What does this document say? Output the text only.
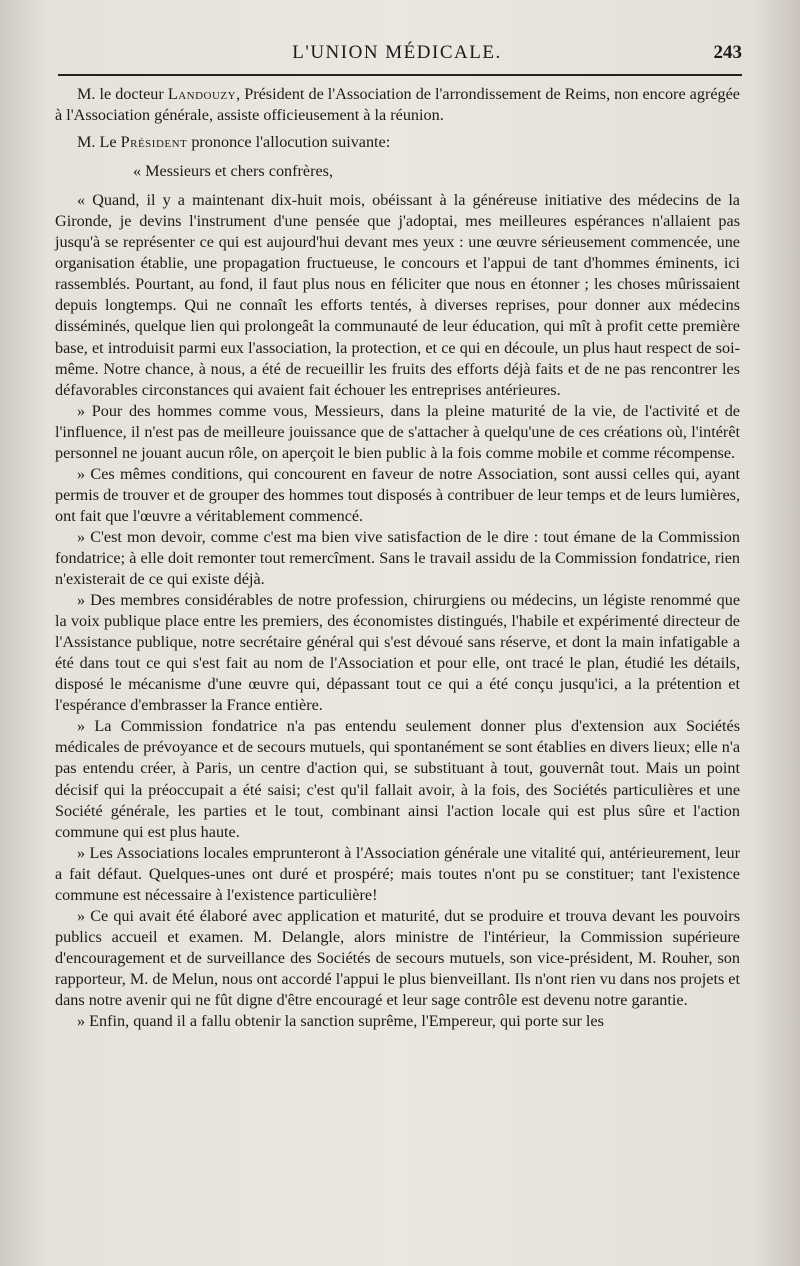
L'UNION MÉDICALE.	243

M. le docteur Landouzy, Président de l'Association de l'arrondissement de Reims, non encore agrégée à l'Association générale, assiste officieusement à la réunion.

M. Le Président prononce l'allocution suivante:

« Messieurs et chers confrères,

« Quand, il y a maintenant dix-huit mois, obéissant à la généreuse initiative des médecins de la Gironde, je devins l'instrument d'une pensée que j'adoptai, mes meilleures espérances n'allaient pas jusqu'à se représenter ce qui est aujourd'hui devant mes yeux : une œuvre sérieusement commencée, une organisation établie, une propagation fructueuse, le concours et l'appui de tant d'hommes éminents, ici rassemblés. Pourtant, au fond, il faut plus nous en féliciter que nous en étonner ; les choses mûrissaient depuis longtemps. Qui ne connaît les efforts tentés, à diverses reprises, pour donner aux médecins disséminés, quelque lien qui prolongeât la communauté de leur éducation, qui mît à profit cette première base, et introduisit parmi eux l'association, la protection, et ce qui en découle, un plus haut respect de soi-même. Notre chance, à nous, a été de recueillir les fruits des efforts déjà faits et de ne pas rencontrer les défavorables circonstances qui avaient fait échouer les entreprises antérieures.

» Pour des hommes comme vous, Messieurs, dans la pleine maturité de la vie, de l'activité et de l'influence, il n'est pas de meilleure jouissance que de s'attacher à quelqu'une de ces créations où, l'intérêt personnel ne jouant aucun rôle, on aperçoit le bien public à la fois comme mobile et comme récompense.

» Ces mêmes conditions, qui concourent en faveur de notre Association, sont aussi celles qui, ayant permis de trouver et de grouper des hommes tout disposés à contribuer de leur temps et de leurs lumières, ont fait que l'œuvre a véritablement commencé.

» C'est mon devoir, comme c'est ma bien vive satisfaction de le dire : tout émane de la Commission fondatrice; à elle doit remonter tout remercîment. Sans le travail assidu de la Commission fondatrice, rien n'existerait de ce qui existe déjà.

» Des membres considérables de notre profession, chirurgiens ou médecins, un légiste renommé que la voix publique place entre les premiers, des économistes distingués, l'habile et expérimenté directeur de l'Assistance publique, notre secrétaire général qui s'est dévoué sans réserve, et dont la main infatigable a été dans tout ce qui s'est fait au nom de l'Association et pour elle, ont tracé le plan, étudié les détails, disposé le mécanisme d'une œuvre qui, dépassant tout ce qui a été conçu jusqu'ici, a la prétention et l'espérance d'embrasser la France entière.

» La Commission fondatrice n'a pas entendu seulement donner plus d'extension aux Sociétés médicales de prévoyance et de secours mutuels, qui spontanément se sont établies en divers lieux; elle n'a pas entendu créer, à Paris, un centre d'action qui, se substituant à tout, gouvernât tout. Mais un point décisif qui la préoccupait a été saisi; c'est qu'il fallait avoir, à la fois, des Sociétés particulières et une Société générale, les parties et le tout, combinant ainsi l'action locale qui est plus sûre et l'action commune qui est plus haute.

» Les Associations locales emprunteront à l'Association générale une vitalité qui, antérieurement, leur a fait défaut. Quelques-unes ont duré et prospéré; mais toutes n'ont pu se constituer; tant l'existence commune est nécessaire à l'existence particulière!

» Ce qui avait été élaboré avec application et maturité, dut se produire et trouva devant les pouvoirs publics accueil et examen. M. Delangle, alors ministre de l'intérieur, la Commission supérieure d'encouragement et de surveillance des Sociétés de secours mutuels, son vice-président, M. Rouher, son rapporteur, M. de Melun, nous ont accordé l'appui le plus bienveillant. Ils n'ont rien vu dans nos projets et dans notre avenir qui ne fût digne d'être encouragé et leur sage contrôle est devenu notre garantie.

» Enfin, quand il a fallu obtenir la sanction suprême, l'Empereur, qui porte sur les
